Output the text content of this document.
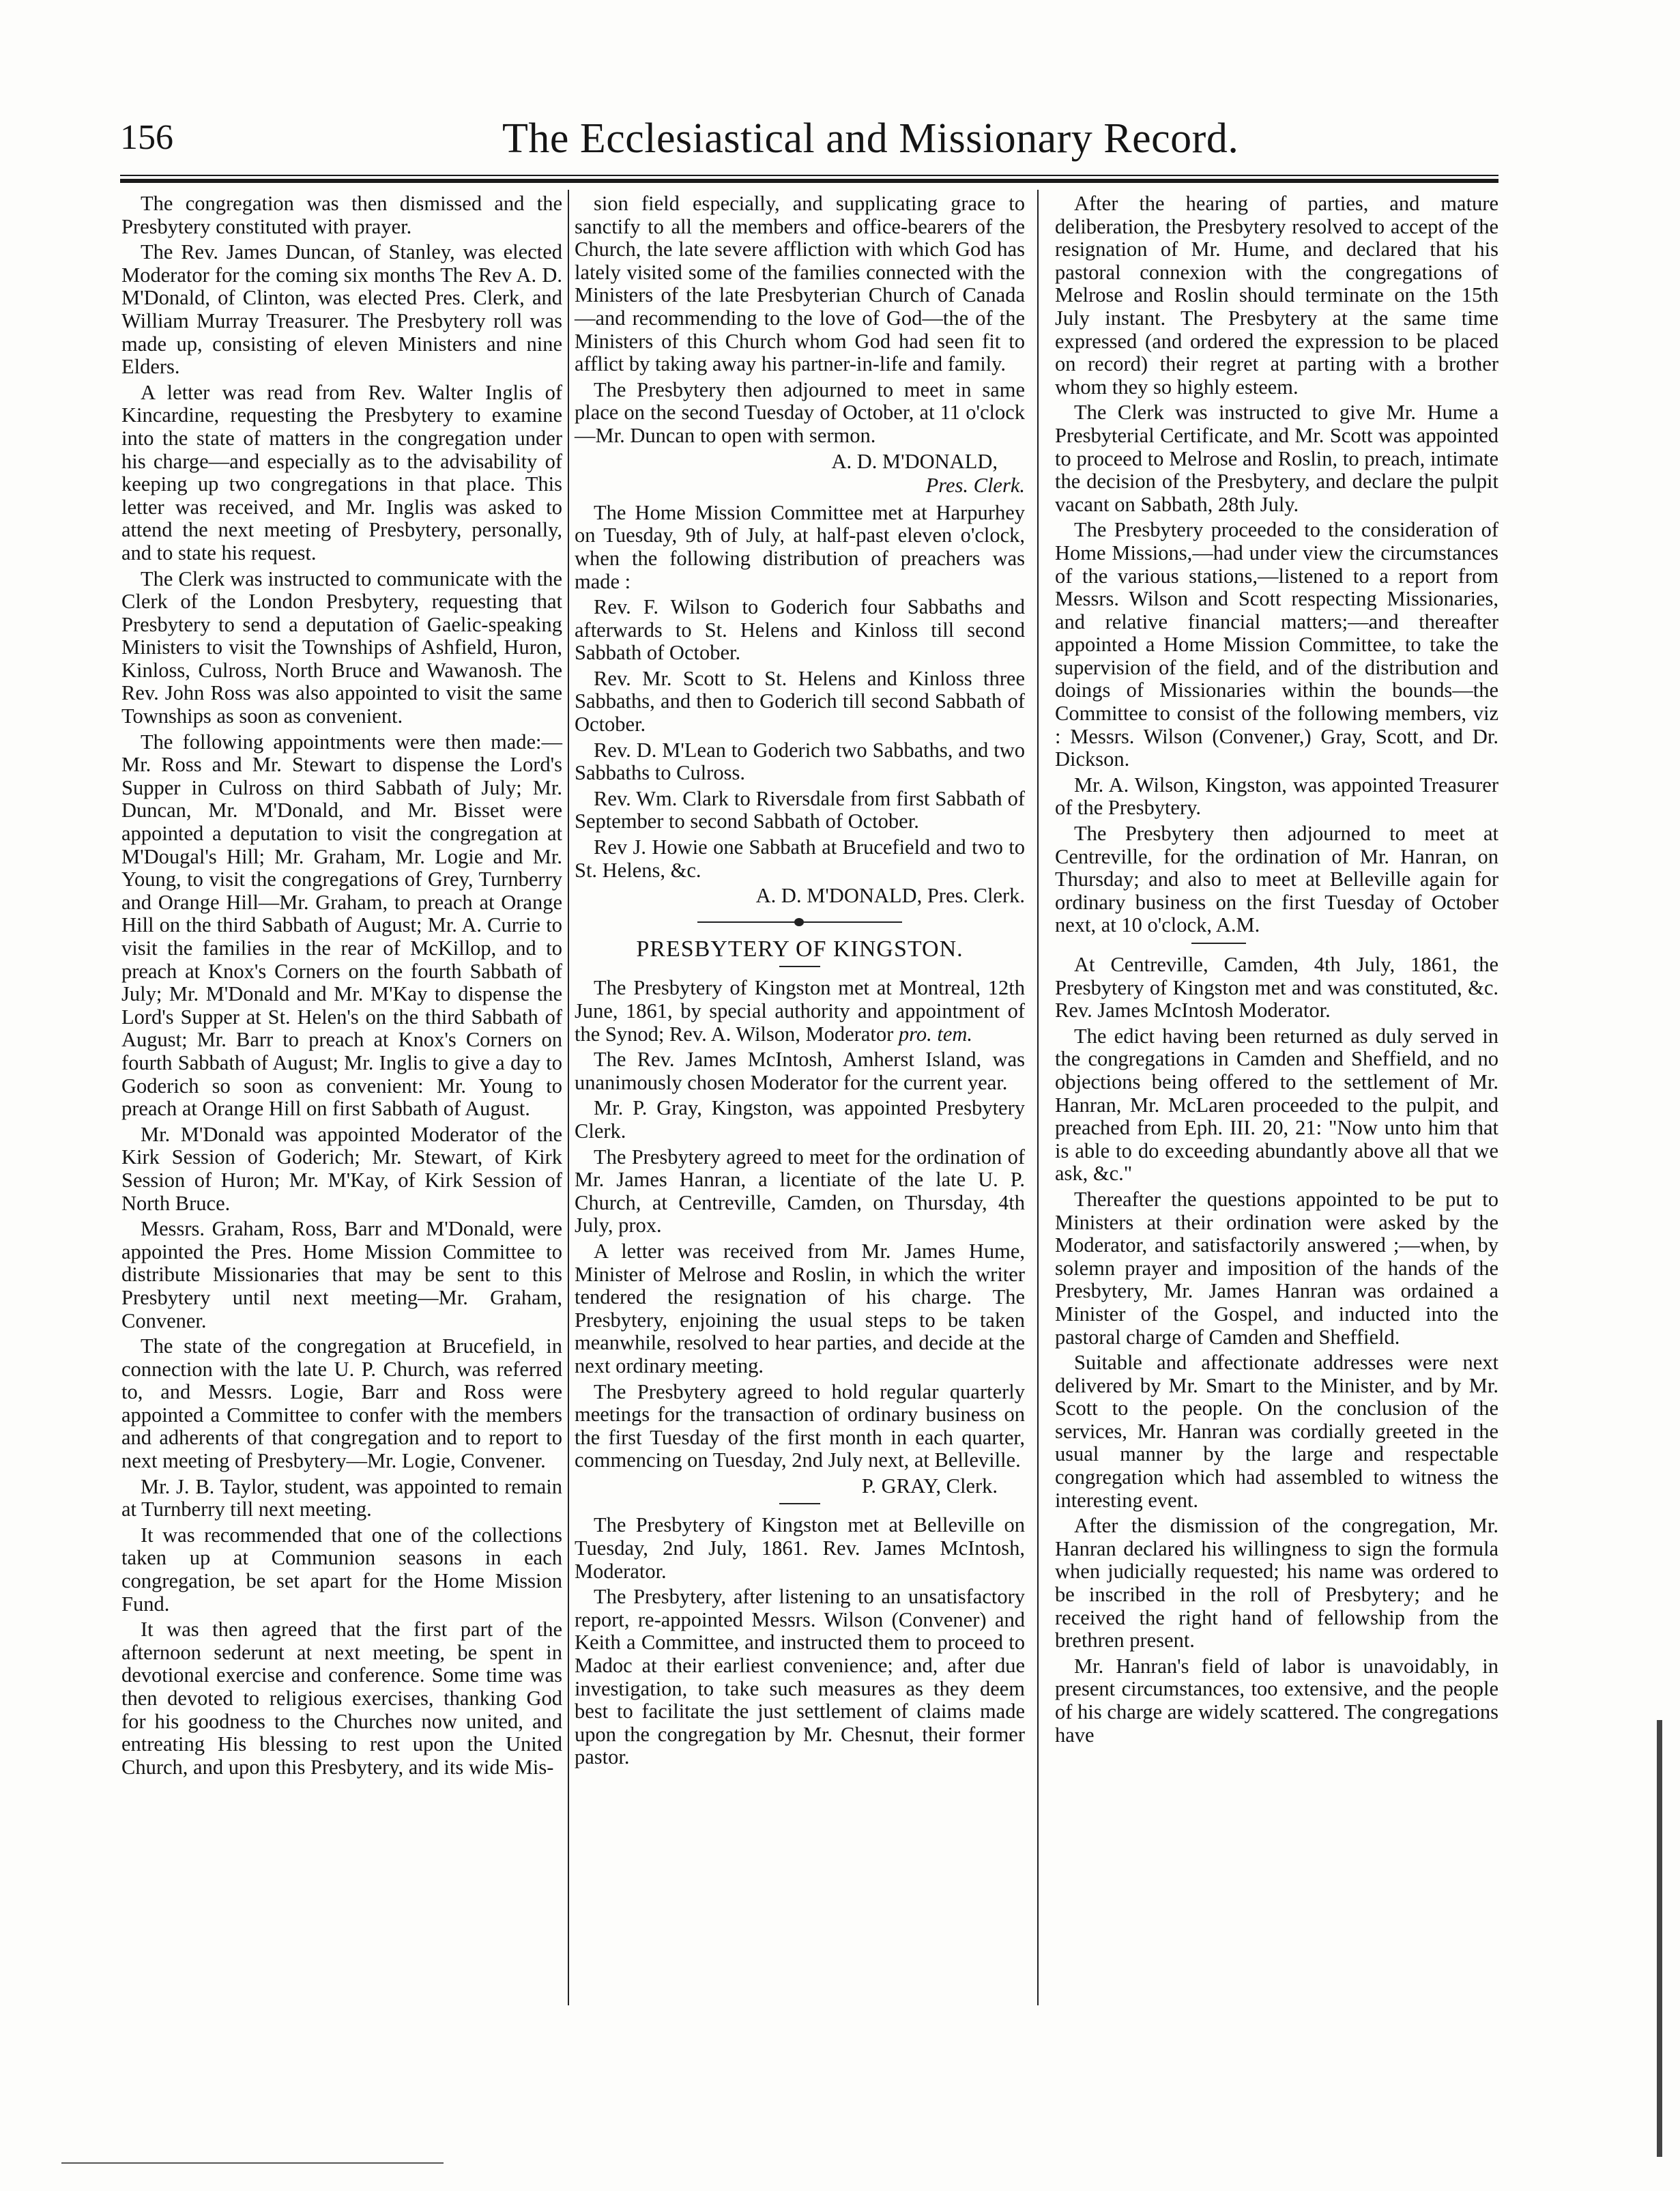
156	The Ecclesiastical and Missionary Record.

The congregation was then dismissed and the Presbytery constituted with prayer.

The Rev. James Duncan, of Stanley, was elected Moderator for the coming six months The Rev A. D. M'Donald, of Clinton, was elected Pres. Clerk, and William Murray Treasurer. The Presbytery roll was made up, consisting of eleven Ministers and nine Elders.

A letter was read from Rev. Walter Inglis of Kincardine, requesting the Presbytery to examine into the state of matters in the congregation under his charge—and especially as to the advisability of keeping up two congregations in that place. This letter was received, and Mr. Inglis was asked to attend the next meeting of Presbytery, personally, and to state his request.

The Clerk was instructed to communicate with the Clerk of the London Presbytery, requesting that Presbytery to send a deputation of Gaelic-speaking Ministers to visit the Townships of Ashfield, Huron, Kinloss, Culross, North Bruce and Wawanosh. The Rev. John Ross was also appointed to visit the same Townships as soon as convenient.

The following appointments were then made:—Mr. Ross and Mr. Stewart to dispense the Lord's Supper in Culross on third Sabbath of July; Mr. Duncan, Mr. M'Donald, and Mr. Bisset were appointed a deputation to visit the congregation at M'Dougal's Hill; Mr. Graham, Mr. Logie and Mr. Young, to visit the congregations of Grey, Turnberry and Orange Hill—Mr. Graham, to preach at Orange Hill on the third Sabbath of August; Mr. A. Currie to visit the families in the rear of McKillop, and to preach at Knox's Corners on the fourth Sabbath of July; Mr. M'Donald and Mr. M'Kay to dispense the Lord's Supper at St. Helen's on the third Sabbath of August; Mr. Barr to preach at Knox's Corners on fourth Sabbath of August; Mr. Inglis to give a day to Goderich so soon as convenient: Mr. Young to preach at Orange Hill on first Sabbath of August.

Mr. M'Donald was appointed Moderator of the Kirk Session of Goderich; Mr. Stewart, of Kirk Session of Huron; Mr. M'Kay, of Kirk Session of North Bruce.

Messrs. Graham, Ross, Barr and M'Donald, were appointed the Pres. Home Mission Committee to distribute Missionaries that may be sent to this Presbytery until next meeting—Mr. Graham, Convener.

The state of the congregation at Brucefield, in connection with the late U. P. Church, was referred to, and Messrs. Logie, Barr and Ross were appointed a Committee to confer with the members and adherents of that congregation and to report to next meeting of Presbytery—Mr. Logie, Convener.

Mr. J. B. Taylor, student, was appointed to remain at Turnberry till next meeting.

It was recommended that one of the collections taken up at Communion seasons in each congregation, be set apart for the Home Mission Fund.

It was then agreed that the first part of the afternoon sederunt at next meeting, be spent in devotional exercise and conference. Some time was then devoted to religious exercises, thanking God for his goodness to the Churches now united, and entreating His blessing to rest upon the United Church, and upon this Presbytery, and its wide Mis-

sion field especially, and supplicating grace to sanctify to all the members and office-bearers of the Church, the late severe affliction with which God has lately visited some of the families connected with the Ministers of the late Presbyterian Church of Canada—and recommending to the love of God—the of the Ministers of this Church whom God had seen fit to afflict by taking away his partner-in-life and family.

The Presbytery then adjourned to meet in same place on the second Tuesday of October, at 11 o'clock—Mr. Duncan to open with sermon.

A. D. M'DONALD,
Pres. Clerk.

The Home Mission Committee met at Harpurhey on Tuesday, 9th of July, at half-past eleven o'clock, when the following distribution of preachers was made :

Rev. F. Wilson to Goderich four Sabbaths and afterwards to St. Helens and Kinloss till second Sabbath of October.

Rev. Mr. Scott to St. Helens and Kinloss three Sabbaths, and then to Goderich till second Sabbath of October.

Rev. D. M'Lean to Goderich two Sabbaths, and two Sabbaths to Culross.

Rev. Wm. Clark to Riversdale from first Sabbath of September to second Sabbath of October.

Rev J. Howie one Sabbath at Brucefield and two to St. Helens, &c.

A. D. M'DONALD, Pres. Clerk.
PRESBYTERY OF KINGSTON.

The Presbytery of Kingston met at Montreal, 12th June, 1861, by special authority and appointment of the Synod; Rev. A. Wilson, Moderator pro. tem.

The Rev. James McIntosh, Amherst Island, was unanimously chosen Moderator for the current year.

Mr. P. Gray, Kingston, was appointed Presbytery Clerk.

The Presbytery agreed to meet for the ordination of Mr. James Hanran, a licentiate of the late U. P. Church, at Centreville, Camden, on Thursday, 4th July, prox.

A letter was received from Mr. James Hume, Minister of Melrose and Roslin, in which the writer tendered the resignation of his charge. The Presbytery, enjoining the usual steps to be taken meanwhile, resolved to hear parties, and decide at the next ordinary meeting.

The Presbytery agreed to hold regular quarterly meetings for the transaction of ordinary business on the first Tuesday of the first month in each quarter, commencing on Tuesday, 2nd July next, at Belleville.

P. GRAY, Clerk.

The Presbytery of Kingston met at Belleville on Tuesday, 2nd July, 1861. Rev. James McIntosh, Moderator.

The Presbytery, after listening to an unsatisfactory report, re-appointed Messrs. Wilson (Convener) and Keith a Committee, and instructed them to proceed to Madoc at their earliest convenience; and, after due investigation, to take such measures as they deem best to facilitate the just settlement of claims made upon the congregation by Mr. Chesnut, their former pastor.

After the hearing of parties, and mature deliberation, the Presbytery resolved to accept of the resignation of Mr. Hume, and declared that his pastoral connexion with the congregations of Melrose and Roslin should terminate on the 15th July instant. The Presbytery at the same time expressed (and ordered the expression to be placed on record) their regret at parting with a brother whom they so highly esteem.

The Clerk was instructed to give Mr. Hume a Presbyterial Certificate, and Mr. Scott was appointed to proceed to Melrose and Roslin, to preach, intimate the decision of the Presbytery, and declare the pulpit vacant on Sabbath, 28th July.

The Presbytery proceeded to the consideration of Home Missions,—had under view the circumstances of the various stations,—listened to a report from Messrs. Wilson and Scott respecting Missionaries, and relative financial matters;—and thereafter appointed a Home Mission Committee, to take the supervision of the field, and of the distribution and doings of Missionaries within the bounds—the Committee to consist of the following members, viz : Messrs. Wilson (Convener,) Gray, Scott, and Dr. Dickson.

Mr. A. Wilson, Kingston, was appointed Treasurer of the Presbytery.

The Presbytery then adjourned to meet at Centreville, for the ordination of Mr. Hanran, on Thursday; and also to meet at Belleville again for ordinary business on the first Tuesday of October next, at 10 o'clock, A.M.

At Centreville, Camden, 4th July, 1861, the Presbytery of Kingston met and was constituted, &c. Rev. James McIntosh Moderator.

The edict having been returned as duly served in the congregations in Camden and Sheffield, and no objections being offered to the settlement of Mr. Hanran, Mr. McLaren proceeded to the pulpit, and preached from Eph. III. 20, 21: "Now unto him that is able to do exceeding abundantly above all that we ask, &c."

Thereafter the questions appointed to be put to Ministers at their ordination were asked by the Moderator, and satisfactorily answered ;—when, by solemn prayer and imposition of the hands of the Presbytery, Mr. James Hanran was ordained a Minister of the Gospel, and inducted into the pastoral charge of Camden and Sheffield.

Suitable and affectionate addresses were next delivered by Mr. Smart to the Minister, and by Mr. Scott to the people. On the conclusion of the services, Mr. Hanran was cordially greeted in the usual manner by the large and respectable congregation which had assembled to witness the interesting event.

After the dismission of the congregation, Mr. Hanran declared his willingness to sign the formula when judicially requested; his name was ordered to be inscribed in the roll of Presbytery; and he received the right hand of fellowship from the brethren present.

Mr. Hanran's field of labor is unavoidably, in present circumstances, too extensive, and the people of his charge are widely scattered. The congregations have
